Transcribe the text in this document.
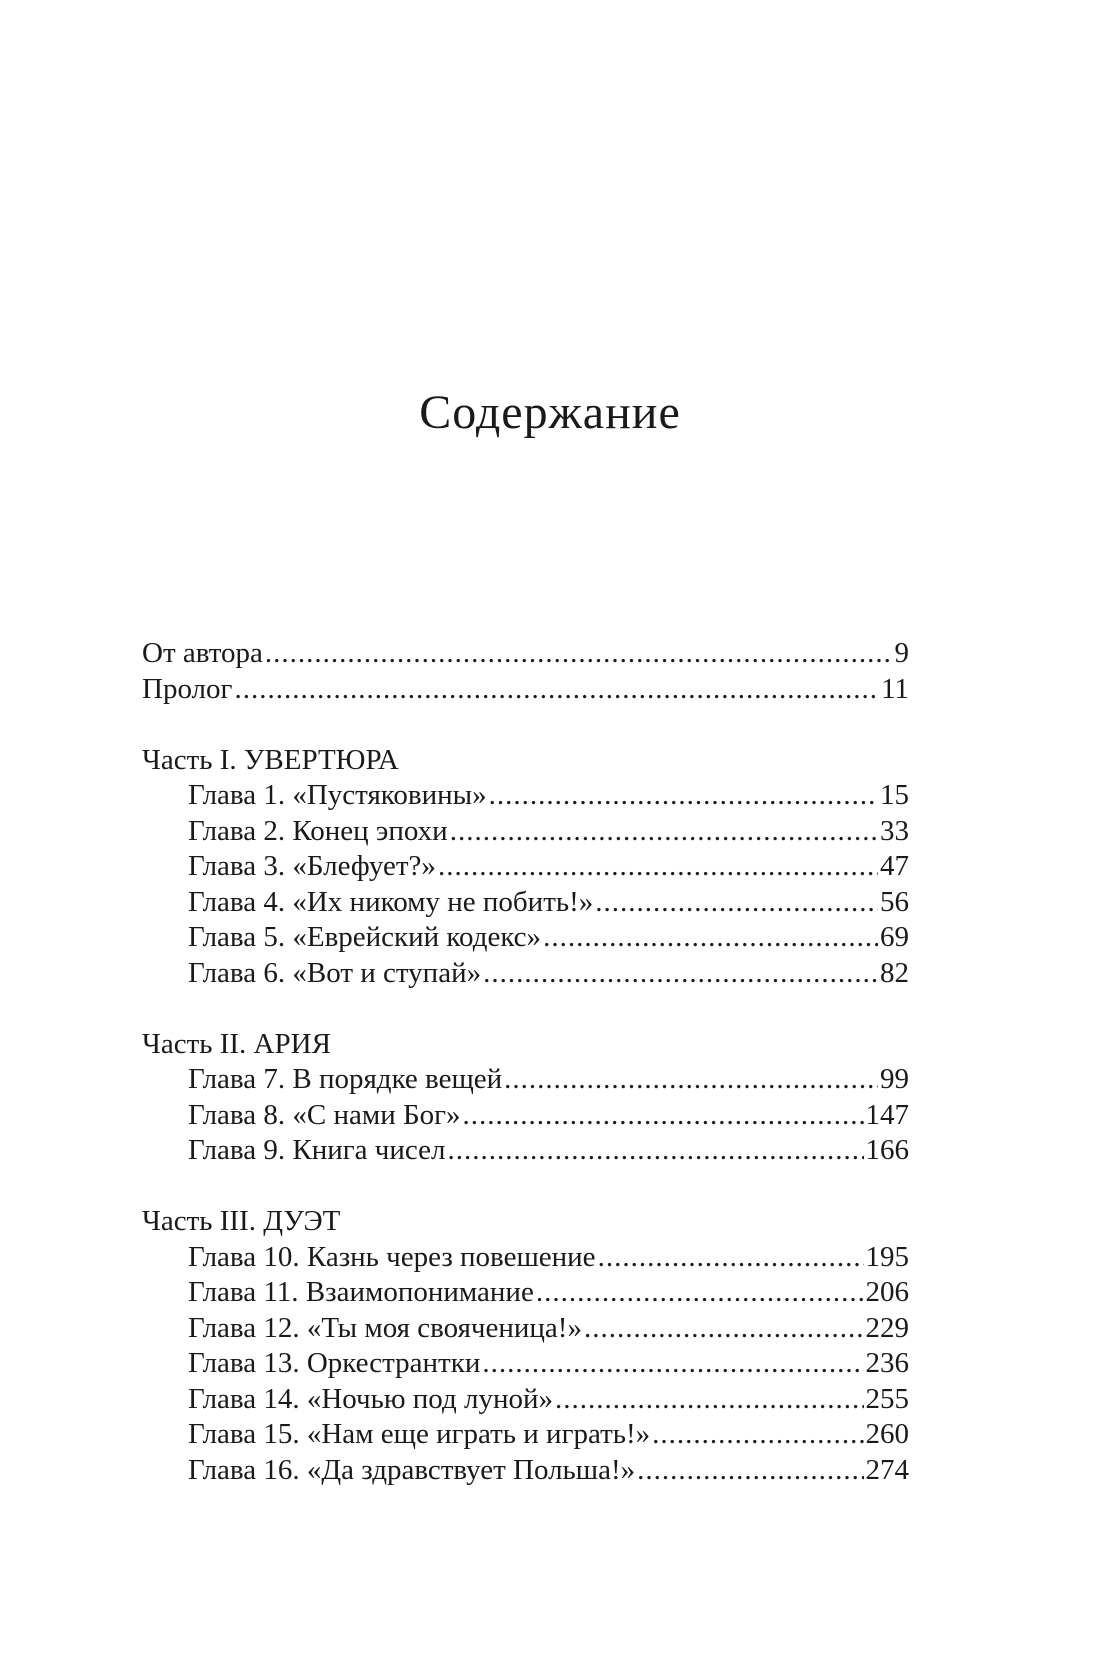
Содержание
От автора .....	9
Пролог .....	11
Часть I. УВЕРТЮРА
Глава 1. «Пустяковины» .....	15
Глава 2. Конец эпохи .....	33
Глава 3. «Блефует?» .....	47
Глава 4. «Их никому не побить!» .....	56
Глава 5. «Еврейский кодекс» .....	69
Глава 6. «Вот и ступай» .....	82
Часть II. АРИЯ
Глава 7. В порядке вещей .....	99
Глава 8. «С нами Бог» .....	147
Глава 9. Книга чисел .....	166
Часть III. ДУЭТ
Глава 10. Казнь через повешение .....	195
Глава 11. Взаимопонимание .....	206
Глава 12. «Ты моя свояченица!» .....	229
Глава 13. Оркестрантки .....	236
Глава 14. «Ночью под луной» .....	255
Глава 15. «Нам еще играть и играть!» .....	260
Глава 16. «Да здравствует Польша!» .....	274
